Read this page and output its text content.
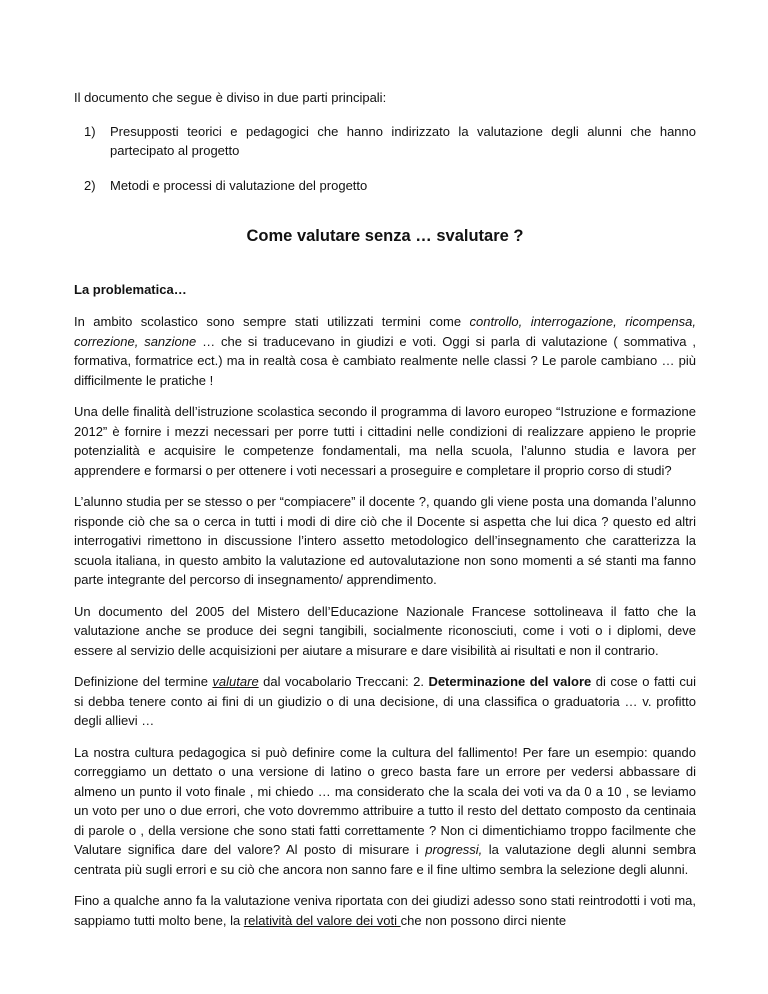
Il documento che segue è diviso in due parti principali:

1) Presupposti teorici e pedagogici che hanno indirizzato la valutazione degli alunni che hanno partecipato al progetto
2) Metodi e processi di valutazione del progetto

Come valutare senza … svalutare ?

La problematica…

In ambito scolastico sono sempre stati utilizzati termini come controllo, interrogazione, ricompensa, correzione, sanzione … che si traducevano in giudizi e voti. Oggi si parla di valutazione ( sommativa , formativa, formatrice ect.) ma in realtà cosa è cambiato realmente nelle classi ? Le parole cambiano … più difficilmente le pratiche !

Una delle finalità dell’istruzione scolastica secondo il programma di lavoro europeo “Istruzione e formazione 2012” è fornire i mezzi necessari per porre tutti i cittadini nelle condizioni di realizzare appieno le proprie potenzialità e acquisire le competenze fondamentali, ma nella scuola, l’alunno studia e lavora per apprendere e formarsi o per ottenere i voti necessari a proseguire e completare il proprio corso di studi?

L’alunno studia per se stesso o per “compiacere” il docente ?, quando gli viene posta una domanda l’alunno risponde ciò che sa o cerca in tutti i modi di dire ciò che il Docente si aspetta che lui dica ? questo ed altri interrogativi rimettono in discussione l’intero assetto metodologico dell’insegnamento che caratterizza la scuola italiana, in questo ambito la valutazione ed autovalutazione non sono momenti a sé stanti ma fanno parte integrante del percorso di insegnamento/ apprendimento.

Un documento del 2005 del Mistero dell’Educazione Nazionale Francese sottolineava il fatto che la valutazione anche se produce dei segni tangibili, socialmente riconosciuti, come i voti o i diplomi, deve essere al servizio delle acquisizioni per aiutare a misurare e dare visibilità ai risultati e non il contrario.

Definizione del termine valutare dal vocabolario Treccani: 2. Determinazione del valore di cose o fatti cui si debba tenere conto ai fini di un giudizio o di una decisione, di una classifica o graduatoria … v. profitto degli allievi …

La nostra cultura pedagogica si può definire come la cultura del fallimento! Per fare un esempio: quando correggiamo un dettato o una versione di latino o greco basta fare un errore per vedersi abbassare di almeno un punto il voto finale , mi chiedo … ma considerato che la scala dei voti va da 0 a 10 , se leviamo un voto per uno o due errori, che voto dovremmo attribuire a tutto il resto del dettato composto da centinaia di parole o , della versione che sono stati fatti correttamente ? Non ci dimentichiamo troppo facilmente che Valutare significa dare del valore? Al posto di misurare i progressi, la valutazione degli alunni sembra centrata più sugli errori e su ciò che ancora non sanno fare e il fine ultimo sembra la selezione degli alunni.

Fino a qualche anno fa la valutazione veniva riportata con dei giudizi adesso sono stati reintrodotti i voti ma, sappiamo tutti molto bene, la relatività del valore dei voti che non possono dirci niente
